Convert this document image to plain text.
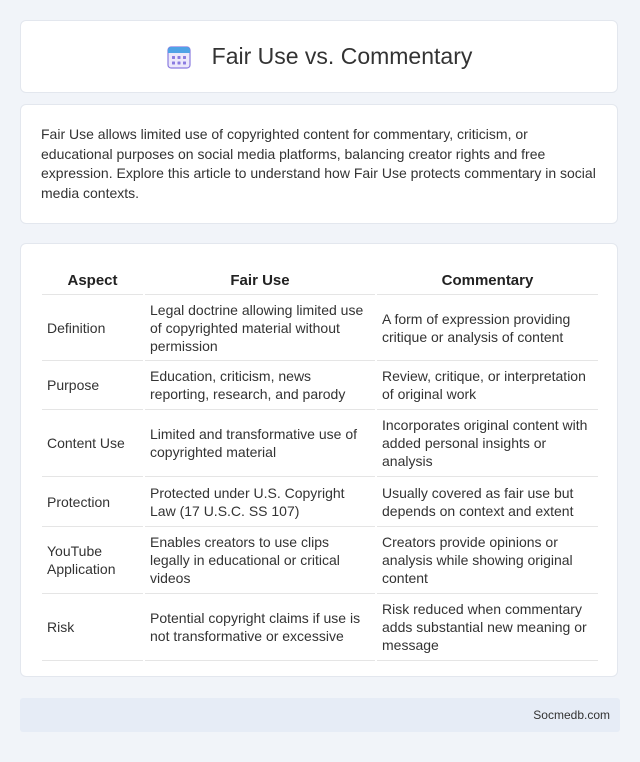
Fair Use vs. Commentary

Fair Use allows limited use of copyrighted content for commentary, criticism, or educational purposes on social media platforms, balancing creator rights and free expression. Explore this article to understand how Fair Use protects commentary in social media contexts.

Aspect	Fair Use	Commentary
Definition	Legal doctrine allowing limited use of copyrighted material without permission	A form of expression providing critique or analysis of content
Purpose	Education, criticism, news reporting, research, and parody	Review, critique, or interpretation of original work
Content Use	Limited and transformative use of copyrighted material	Incorporates original content with added personal insights or analysis
Protection	Protected under U.S. Copyright Law (17 U.S.C. SS 107)	Usually covered as fair use but depends on context and extent
YouTube Application	Enables creators to use clips legally in educational or critical videos	Creators provide opinions or analysis while showing original content
Risk	Potential copyright claims if use is not transformative or excessive	Risk reduced when commentary adds substantial new meaning or message
Socmedb.com
